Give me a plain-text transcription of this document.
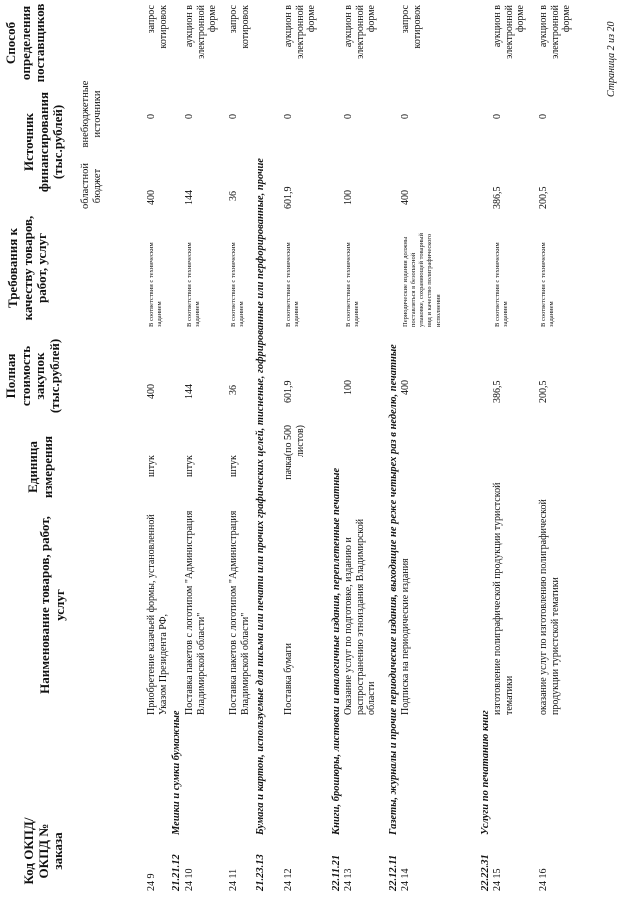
Код ОКПД/ ОКПД № заказа
Наименование товаров, работ, услуг
Единица измерения
Полная стоимость закупок (тыс.рублей)
Требования к качеству товаров, работ, услуг
Источник финансирования (тыс.рублей)
областной бюджет
внебюджетные источники
Способ определения поставщиков
24 9
Приобретение казачьей формы, установленной Указом Президента РФ,
штук
400
В соответствии с техническим заданием
400
0
запрос котировок
21.21.12
Мешки и сумки бумажные
24 10
Поставка пакетов с логотипом "Администрация Владимирской области"
штук
144
В соответствии с техническим заданием
144
0
аукцион в электронной форме
24 11
Поставка пакетов с логотипом "Администрация Владимирской области"
штук
36
В соответствии с техническим заданием
36
0
запрос котировок
21.23.13
Бумага и картон, используемые для письма или печати или прочих графических целей, тисненые, гофрированные или перфорированные, прочие
24 12
Поставка бумаги
пачка(по 500 листов)
601,9
В соответствии с техническим заданием
601,9
0
аукцион в электронной форме
22.11.21
Книги, брошюры, листовки и аналогичные издания, переплетенные печатные
24 13
Оказание услуг по подготовке, изданию и распространению этноиздания Владимирской области
100
В соответствии с техническим заданием
100
0
аукцион в электронной форме
22.12.11
Газеты, журналы и прочие периодические издания, выходящие не реже четырех раз в неделю, печатные
24 14
Подписка на периодические издания
400
Периодические издания должны поставляться в безопасной упаковке, сохраняющей товарный вид и качество полиграфического исполнения
400
0
запрос котировок
22.22.31
Услуги по печатанию книг
24 15
изготовление полиграфической продукции туристской тематики
386,5
В соответствии с техническим заданием
386,5
0
аукцион в электронной форме
24 16
оказание услуг по изготовлению полиграфической продукции туристской тематики
200,5
В соответствии с техническим заданием
200,5
0
аукцион в электронной форме
Страница 2 из 20
